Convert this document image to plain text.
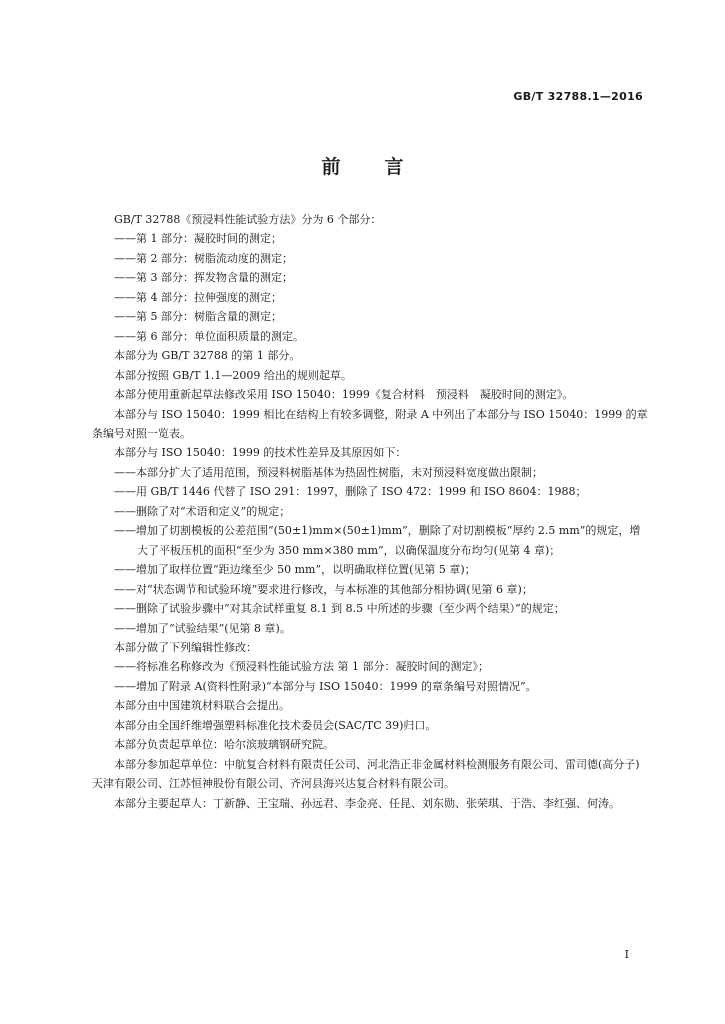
GB/T 32788.1—2016
前 言

GB/T 32788《预浸料性能试验方法》分为 6 个部分：

——第 1 部分：凝胶时间的测定；

——第 2 部分：树脂流动度的测定；

——第 3 部分：挥发物含量的测定；

——第 4 部分：拉伸强度的测定；

——第 5 部分：树脂含量的测定；

——第 6 部分：单位面积质量的测定。

本部分为 GB/T 32788 的第 1 部分。

本部分按照 GB/T 1.1—2009 给出的规则起草。

本部分使用重新起草法修改采用 ISO 15040：1999《复合材料　预浸料　凝胶时间的测定》。

本部分与 ISO 15040：1999 相比在结构上有较多调整，附录 A 中列出了本部分与 ISO 15040：1999 的章条编号对照一览表。

本部分与 ISO 15040：1999 的技术性差异及其原因如下：

——本部分扩大了适用范围，预浸料树脂基体为热固性树脂，未对预浸料宽度做出限制；

——用 GB/T 1446 代替了 ISO 291：1997，删除了 ISO 472：1999 和 ISO 8604：1988；

——删除了对“术语和定义”的规定；

——增加了切割模板的公差范围“(50±1)mm×(50±1)mm”，删除了对切割模板“厚约 2.5 mm”的规定，增大了平板压机的面积“至少为 350 mm×380 mm”，以确保温度分布均匀(见第 4 章)；

——增加了取样位置“距边缘至少 50 mm”，以明确取样位置(见第 5 章)；

——对“状态调节和试验环境”要求进行修改，与本标准的其他部分相协调(见第 6 章)；

——删除了试验步骤中“对其余试样重复 8.1 到 8.5 中所述的步骤（至少两个结果）”的规定；

——增加了“试验结果”(见第 8 章)。

本部分做了下列编辑性修改：

——将标准名称修改为《预浸料性能试验方法 第 1 部分：凝胶时间的测定》；

——增加了附录 A(资料性附录)“本部分与 ISO 15040：1999 的章条编号对照情况”。

本部分由中国建筑材料联合会提出。

本部分由全国纤维增强塑料标准化技术委员会(SAC/TC 39)归口。

本部分负责起草单位：哈尔滨玻璃钢研究院。

本部分参加起草单位：中航复合材料有限责任公司、河北浩正非金属材料检测服务有限公司、雷司德(高分子)天津有限公司、江苏恒神股份有限公司、齐河县海兴达复合材料有限公司。

本部分主要起草人：丁新静、王宝瑞、孙远君、李金亮、任昆、刘东勋、张荣琪、于浩、李红强、何涛。

I
